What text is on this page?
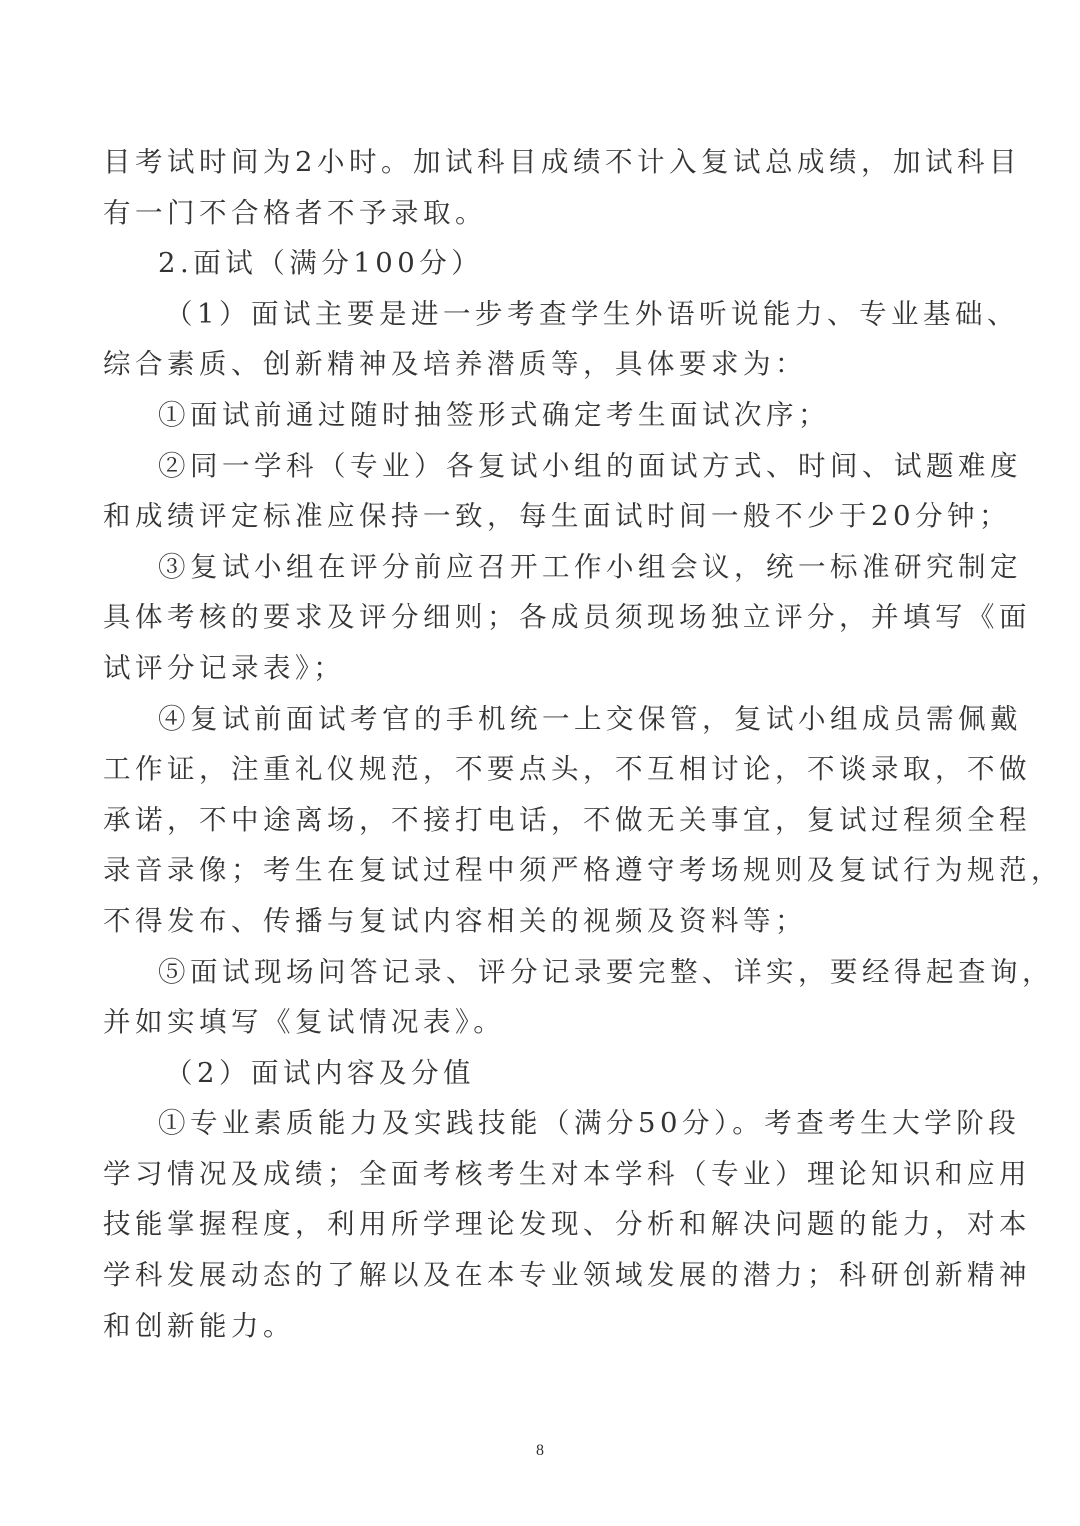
目考试时间为2小时。加试科目成绩不计入复试总成绩，加试科目
有一门不合格者不予录取。
2.面试（满分100分）
（1）面试主要是进一步考查学生外语听说能力、专业基础、
综合素质、创新精神及培养潜质等，具体要求为：
①面试前通过随时抽签形式确定考生面试次序；
②同一学科（专业）各复试小组的面试方式、时间、试题难度
和成绩评定标准应保持一致，每生面试时间一般不少于20分钟；
③复试小组在评分前应召开工作小组会议，统一标准研究制定
具体考核的要求及评分细则；各成员须现场独立评分，并填写《面
试评分记录表》；
④复试前面试考官的手机统一上交保管，复试小组成员需佩戴
工作证，注重礼仪规范，不要点头，不互相讨论，不谈录取，不做
承诺，不中途离场，不接打电话，不做无关事宜，复试过程须全程
录音录像；考生在复试过程中须严格遵守考场规则及复试行为规范，
不得发布、传播与复试内容相关的视频及资料等；
⑤面试现场问答记录、评分记录要完整、详实，要经得起查询，
并如实填写《复试情况表》。
（2）面试内容及分值
①专业素质能力及实践技能（满分50分）。考查考生大学阶段
学习情况及成绩；全面考核考生对本学科（专业）理论知识和应用
技能掌握程度，利用所学理论发现、分析和解决问题的能力，对本
学科发展动态的了解以及在本专业领域发展的潜力；科研创新精神
和创新能力。
8
